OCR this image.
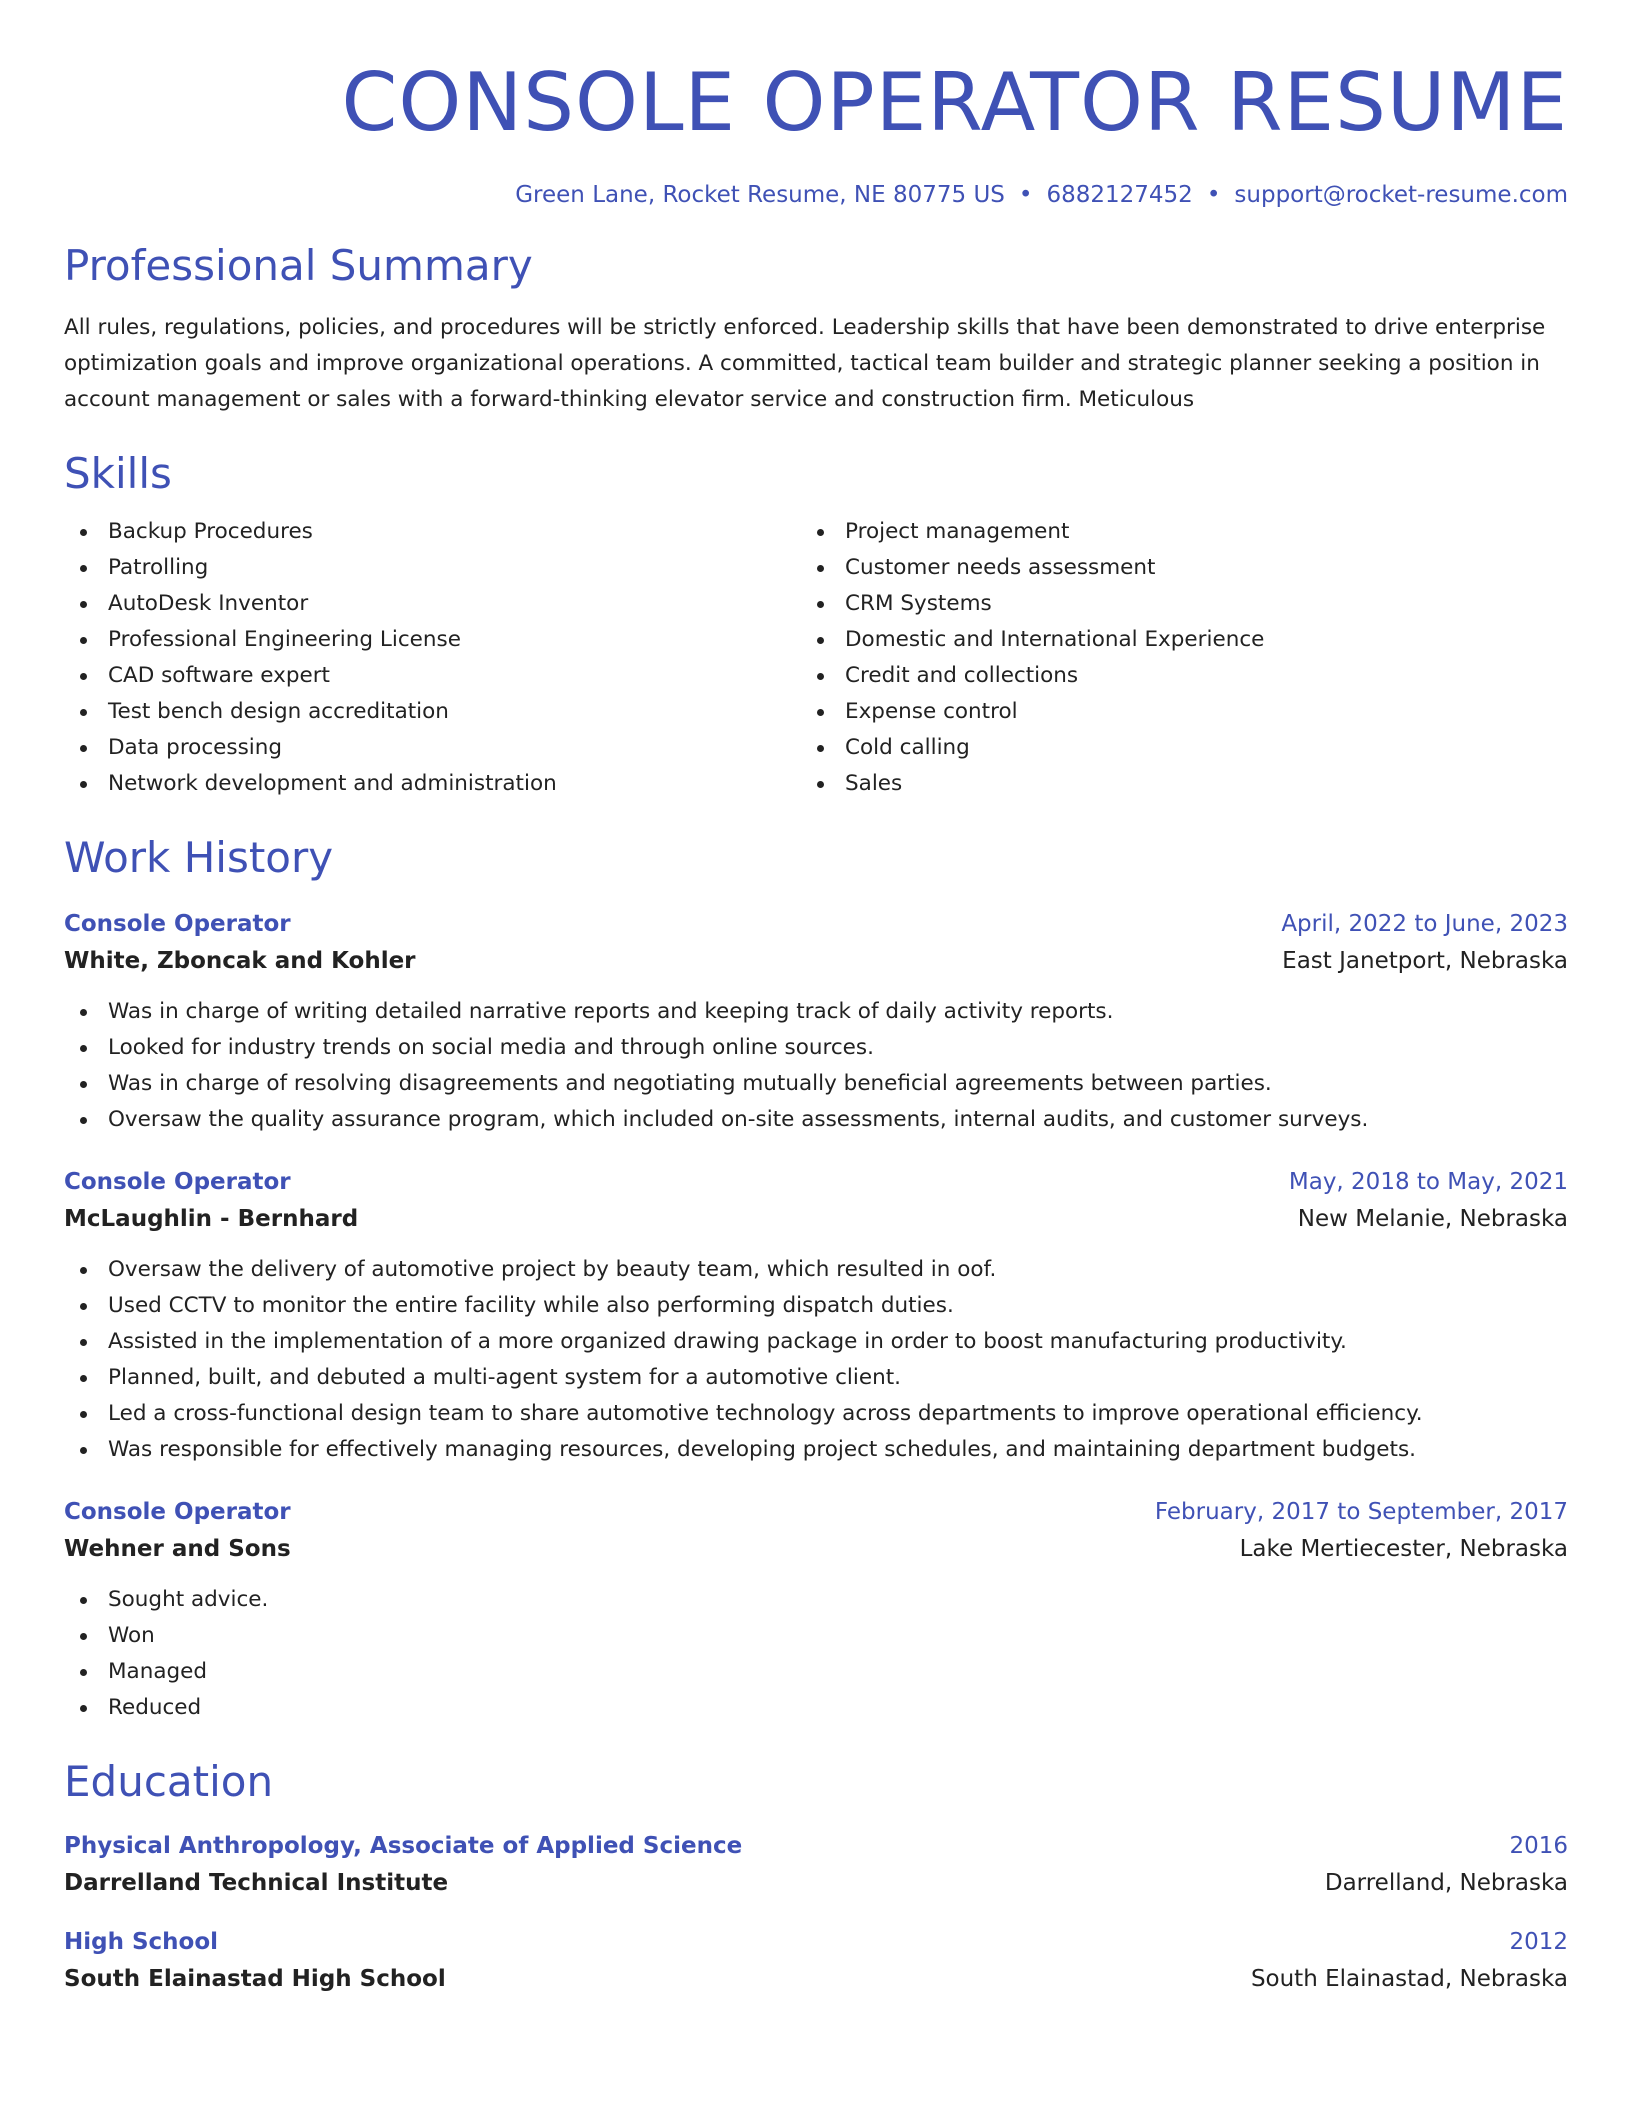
CONSOLE OPERATOR RESUME
Green Lane, Rocket Resume, NE 80775 US • 6882127452 • support@rocket-resume.com
Professional Summary
All rules, regulations, policies, and procedures will be strictly enforced. Leadership skills that have been demonstrated to drive enterprise optimization goals and improve organizational operations. A committed, tactical team builder and strategic planner seeking a position in account management or sales with a forward-thinking elevator service and construction firm. Meticulous
Skills
Backup Procedures
Patrolling
AutoDesk Inventor
Professional Engineering License
CAD software expert
Test bench design accreditation
Data processing
Network development and administration
Project management
Customer needs assessment
CRM Systems
Domestic and International Experience
Credit and collections
Expense control
Cold calling
Sales
Work History
Console Operator	April, 2022 to June, 2023
White, Zboncak and Kohler	East Janetport, Nebraska
Was in charge of writing detailed narrative reports and keeping track of daily activity reports.
Looked for industry trends on social media and through online sources.
Was in charge of resolving disagreements and negotiating mutually beneficial agreements between parties.
Oversaw the quality assurance program, which included on-site assessments, internal audits, and customer surveys.
Console Operator	May, 2018 to May, 2021
McLaughlin - Bernhard	New Melanie, Nebraska
Oversaw the delivery of automotive project by beauty team, which resulted in oof.
Used CCTV to monitor the entire facility while also performing dispatch duties.
Assisted in the implementation of a more organized drawing package in order to boost manufacturing productivity.
Planned, built, and debuted a multi-agent system for a automotive client.
Led a cross-functional design team to share automotive technology across departments to improve operational efficiency.
Was responsible for effectively managing resources, developing project schedules, and maintaining department budgets.
Console Operator	February, 2017 to September, 2017
Wehner and Sons	Lake Mertiecester, Nebraska
Sought advice.
Won
Managed
Reduced
Education
Physical Anthropology, Associate of Applied Science	2016
Darrelland Technical Institute	Darrelland, Nebraska
High School	2012
South Elainastad High School	South Elainastad, Nebraska
